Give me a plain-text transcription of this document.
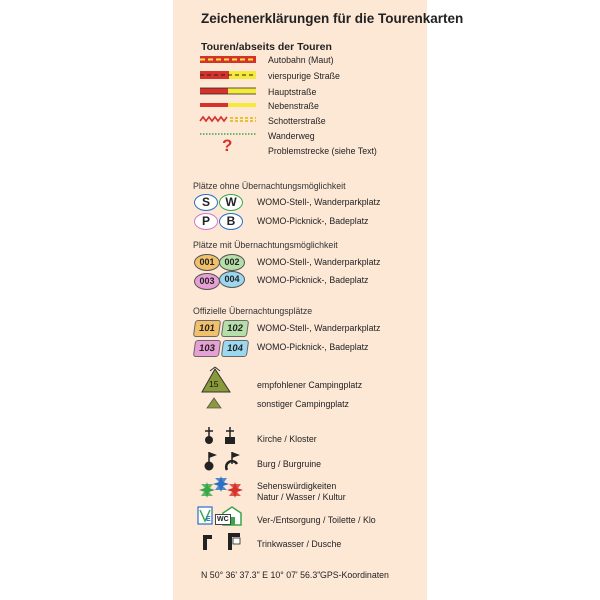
Zeichenerklärungen für die Tourenkarten
Touren/abseits der Touren
Autobahn (Maut)
vierspurige Straße
Hauptstraße
Nebenstraße
Schotterstraße
Wanderweg
?	Problemstrecke (siehe Text)
Plätze ohne Übernachtungsmöglichkeit
S	W	WOMO-Stell-, Wanderparkplatz
P	B	WOMO-Picknick-, Badeplatz
Plätze mit Übernachtungsmöglichkeit
001	002	WOMO-Stell-, Wanderparkplatz
003	004	WOMO-Picknick-, Badeplatz
Offizielle Übernachtungsplätze
101	102	WOMO-Stell-, Wanderparkplatz
103	104	WOMO-Picknick-, Badeplatz
15	empfohlener Campingplatz
sonstiger Campingplatz
Kirche / Kloster
Burg / Burgruine
Sehenswürdigkeiten
Natur / Wasser / Kultur
E WC	Ver-/Entsorgung / Toilette / Klo
Trinkwasser / Dusche
N 50° 36' 37.3" E 10° 07' 56.3" GPS-Koordinaten
